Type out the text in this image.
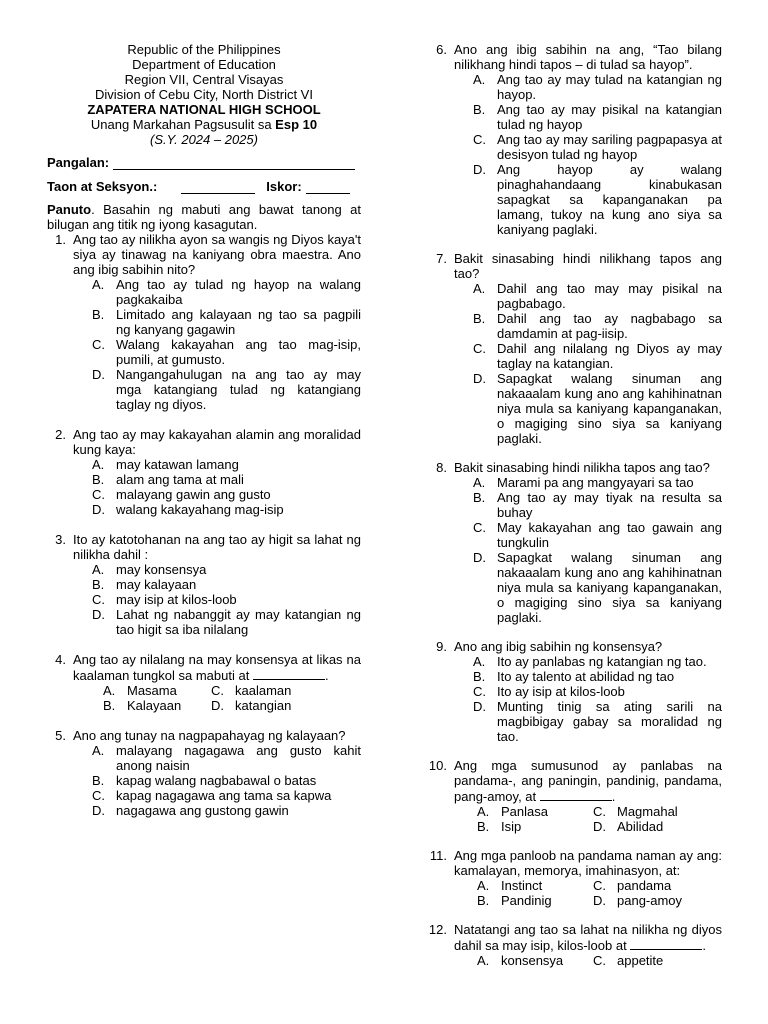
Republic of the Philippines
Department of Education
Region VII, Central Visayas
Division of Cebu City, North District VI
ZAPATERA NATIONAL HIGH SCHOOL
Unang Markahan Pagsusulit sa Esp 10
(S.Y. 2024 – 2025)
Pangalan:
Taon at Seksyon.:	Iskor:
Panuto. Basahin ng mabuti ang bawat tanong at bilugan ang titik ng iyong kasagutan.
1. Ang tao ay nilikha ayon sa wangis ng Diyos kaya't siya ay tinawag na kaniyang obra maestra. Ano ang ibig sabihin nito?
A. Ang tao ay tulad ng hayop na walang pagkakaiba
B. Limitado ang kalayaan ng tao sa pagpili ng kanyang gagawin
C. Walang kakayahan ang tao mag-isip, pumili, at gumusto.
D. Nangangahulugan na ang tao ay may mga katangiang tulad ng katangiang taglay ng diyos.
2. Ang tao ay may kakayahan alamin ang moralidad kung kaya:
A. may katawan lamang
B. alam ang tama at mali
C. malayang gawin ang gusto
D. walang kakayahang mag-isip
3. Ito ay katotohanan na ang tao ay higit sa lahat ng nilikha dahil :
A. may konsensya
B. may kalayaan
C. may isip at kilos-loob
D. Lahat ng nabanggit ay may katangian ng tao higit sa iba nilalang
4. Ang tao ay nilalang na may konsensya at likas na kaalaman tungkol sa mabuti at	.
A. Masama	C. kaalaman
B. Kalayaan D. katangian
5. Ano ang tunay na nagpapahayag ng kalayaan?
A. malayang nagagawa ang gusto kahit anong naisin
B. kapag walang nagbabawal o batas
C. kapag nagagawa ang tama sa kapwa
D. nagagawa ang gustong gawin
6. Ano ang ibig sabihin na ang, “Tao bilang nilikhang hindi tapos – di tulad sa hayop”.
A. Ang tao ay may tulad na katangian ng hayop.
B. Ang tao ay may pisikal na katangian tulad ng hayop
C. Ang tao ay may sariling pagpapasya at desisyon tulad ng hayop
D. Ang hayop ay walang pinaghahandaang kinabukasan sapagkat sa kapanganakan pa lamang, tukoy na kung ano siya sa kaniyang paglaki.
7. Bakit sinasabing hindi nilikhang tapos ang tao?
A. Dahil ang tao may may pisikal na pagbabago.
B. Dahil ang tao ay nagbabago sa damdamin at pag-iisip.
C. Dahil ang nilalang ng Diyos ay may taglay na katangian.
D. Sapagkat walang sinuman ang nakaaalam kung ano ang kahihinatnan niya mula sa kaniyang kapanganakan, o magiging sino siya sa kaniyang paglaki.
8. Bakit sinasabing hindi nilikha tapos ang tao?
A. Marami pa ang mangyayari sa tao
B. Ang tao ay may tiyak na resulta sa buhay
C. May kakayahan ang tao gawain ang tungkulin
D. Sapagkat walang sinuman ang nakaaalam kung ano ang kahihinatnan niya mula sa kaniyang kapanganakan, o magiging sino siya sa kaniyang paglaki.
9. Ano ang ibig sabihin ng konsensya?
A. Ito ay panlabas ng katangian ng tao.
B. Ito ay talento at abilidad ng tao
C. Ito ay isip at kilos-loob
D. Munting tinig sa ating sarili na magbibigay gabay sa moralidad ng tao.
10. Ang mga sumusunod ay panlabas na pandama-, ang paningin, pandinig, pandama, pang-amoy, at	.
A. Panlasa	C. Magmahal
B. Isip	D. Abilidad
11. Ang mga panloob na pandama naman ay ang: kamalayan, memorya, imahinasyon, at:
A. Instinct	C. pandama
B. Pandinig	D. pang-amoy
12. Natatangi ang tao sa lahat na nilikha ng diyos dahil sa may isip, kilos-loob at	.
A. konsensya C. appetite
